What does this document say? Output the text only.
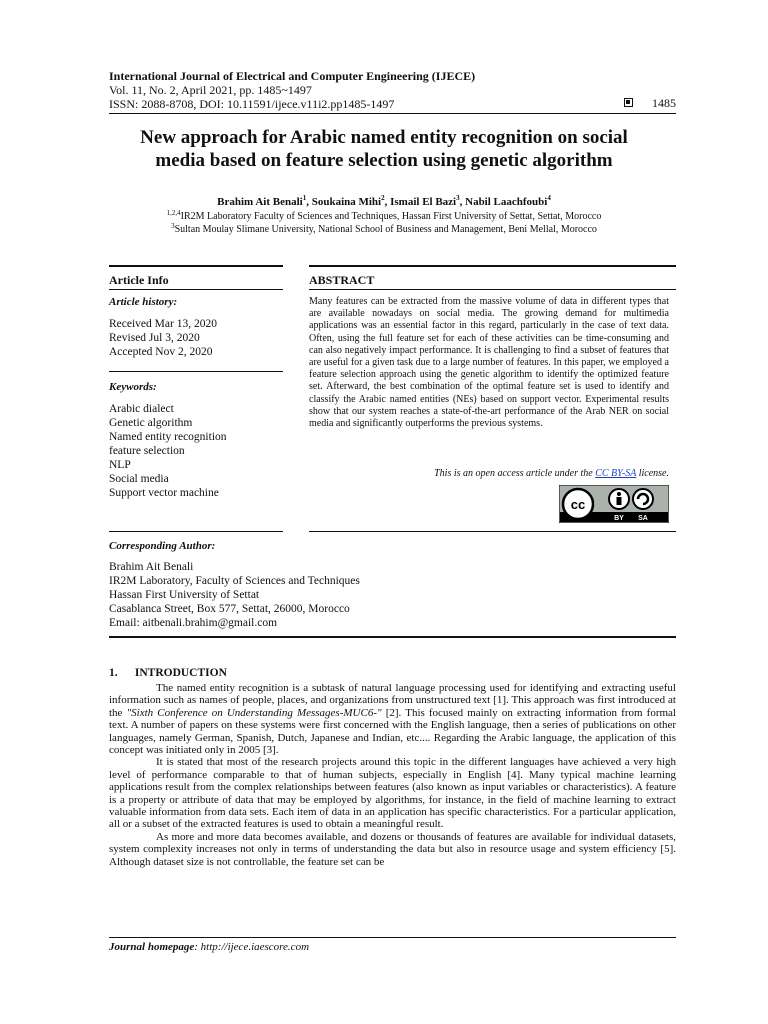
International Journal of Electrical and Computer Engineering (IJECE)
Vol. 11, No. 2, April 2021, pp. 1485~1497
ISSN: 2088-8708, DOI: 10.11591/ijece.v11i2.pp1485-1497	1485
New approach for Arabic named entity recognition on social
media based on feature selection using genetic algorithm
Brahim Ait Benali$^1$, Soukaina Mihi$^2$, Ismail El Bazi$^3$, Nabil Laachfoubi$^4$
$^{1,2,4}$IR2M Laboratory Faculty of Sciences and Techniques, Hassan First University of Settat, Settat, Morocco
$^3$Sultan Moulay Slimane University, National School of Business and Management, Beni Mellal, Morocco
Article Info	ABSTRACT
Article history:
Received Mar 13, 2020
Revised Jul 3, 2020
Accepted Nov 2, 2020
Keywords:
Arabic dialect
Genetic algorithm
Named entity recognition
feature selection
NLP
Social media
Support vector machine
Many features can be extracted from the massive volume of data in different types that are available nowadays on social media. The growing demand for multimedia applications was an essential factor in this regard, particularly in the case of text data. Often, using the full feature set for each of these activities can be time-consuming and can also negatively impact performance. It is challenging to find a subset of features that are useful for a given task due to a large number of features. In this paper, we employed a feature selection approach using the genetic algorithm to identify the optimized feature set. Afterward, the best combination of the optimal feature set is used to identify and classify the Arabic named entities (NEs) based on support vector. Experimental results show that our system reaches a state-of-the-art performance of the Arab NER on social media and significantly outperforms the previous systems.
This is an open access article under the CC BY-SA license.
cc
BY SA
Corresponding Author:
Brahim Ait Benali
IR2M Laboratory, Faculty of Sciences and Techniques
Hassan First University of Settat
Casablanca Street, Box 577, Settat, 26000, Morocco
Email: aitbenali.brahim@gmail.com
1.      INTRODUCTION

The named entity recognition is a subtask of natural language processing used for identifying and extracting useful information such as names of people, places, and organizations from unstructured text [1]. This approach was first introduced at the "Sixth Conference on Understanding Messages-MUC6-" [2]. This focused mainly on extracting information from formal text. A number of papers on these systems were first concerned with the English language, then a series of publications on other languages, namely German, Spanish, Dutch, Japanese and Indian, etc.... Regarding the Arabic language, the application of this concept was initiated only in 2005 [3].

It is stated that most of the research projects around this topic in the different languages have achieved a very high level of performance comparable to that of human subjects, especially in English [4]. Many typical machine learning applications result from the complex relationships between features (also known as input variables or characteristics). A feature is a property or attribute of data that may be employed by algorithms, for instance, in the field of machine learning to extract valuable information from data sets. Each item of data in an application has specific characteristics. For a particular application, all or a subset of the extracted features is used to obtain a meaningful result.

As more and more data becomes available, and dozens or thousands of features are available for individual datasets, system complexity increases not only in terms of understanding the data but also in resource usage and system efficiency [5]. Although dataset size is not controllable, the feature set can be

Journal homepage: http://ijece.iaescore.com
